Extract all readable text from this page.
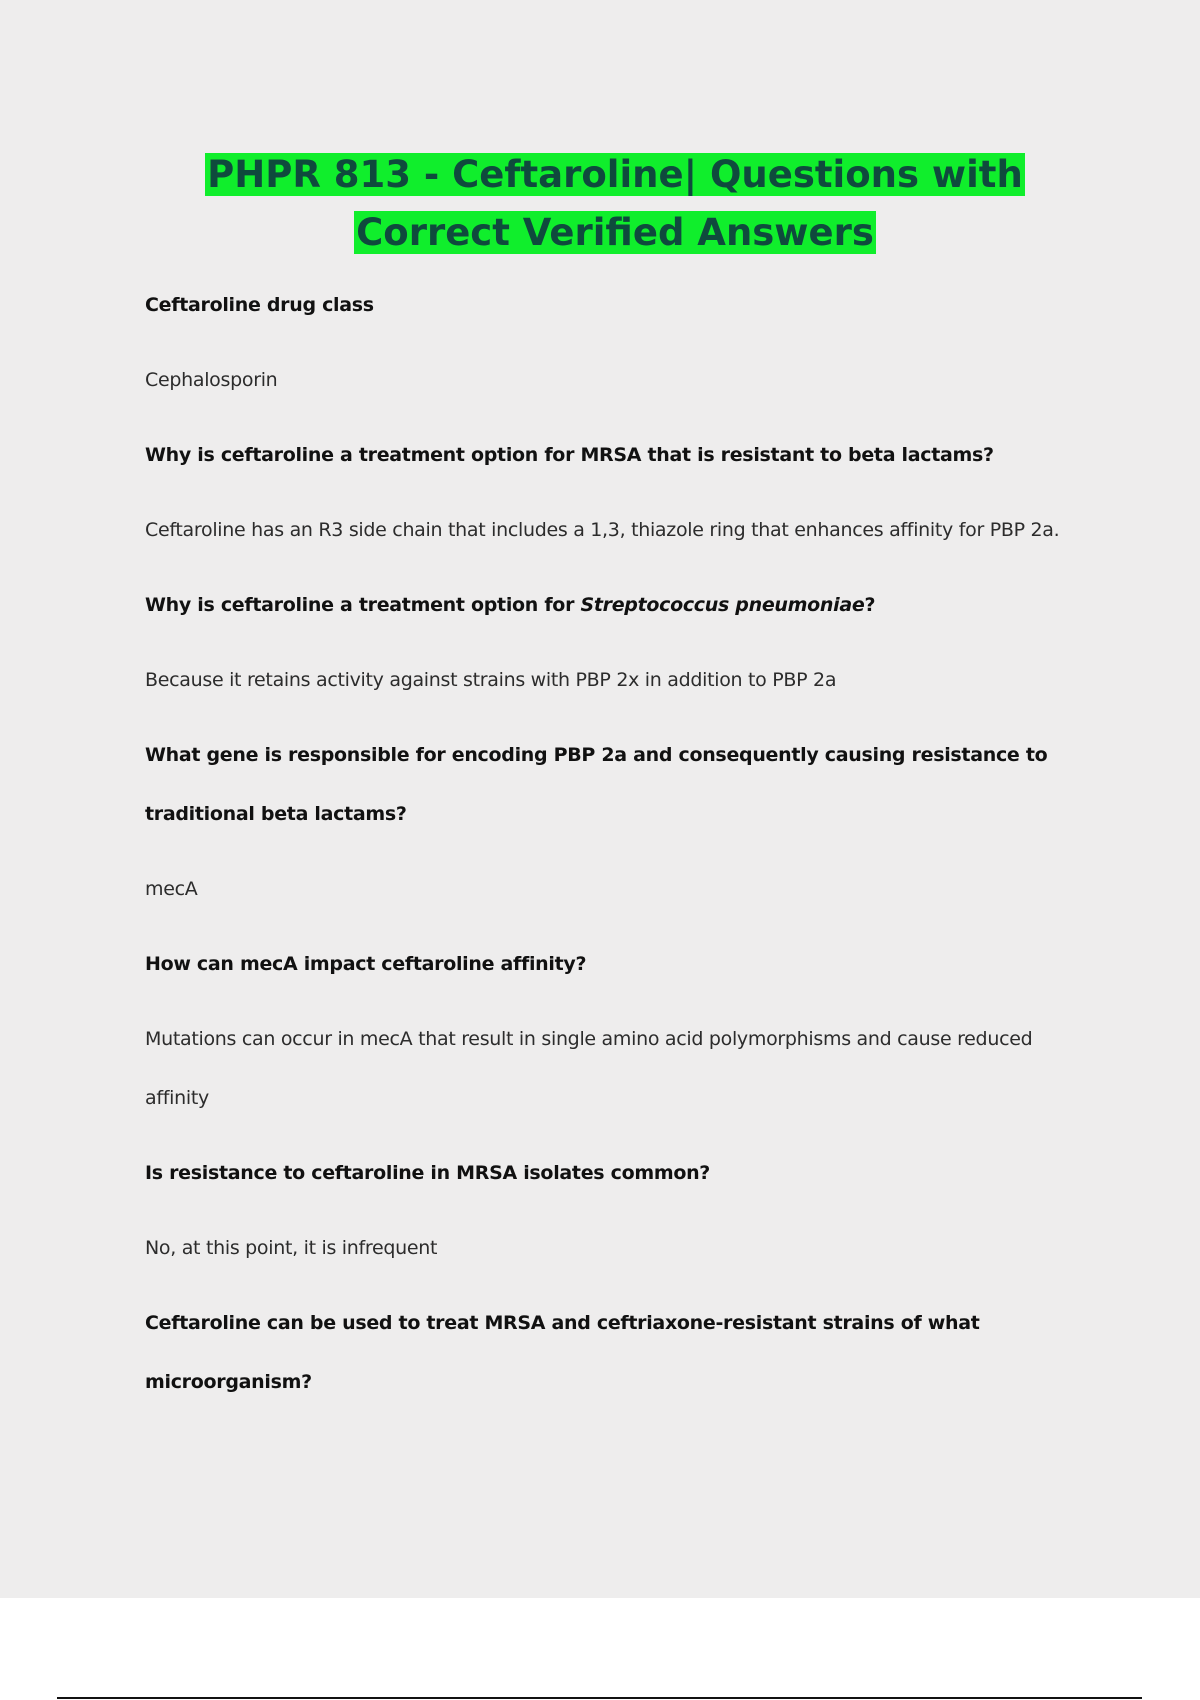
PHPR 813 - Ceftaroline| Questions with Correct Verified Answers

Ceftaroline drug class

Cephalosporin

Why is ceftaroline a treatment option for MRSA that is resistant to beta lactams?

Ceftaroline has an R3 side chain that includes a 1,3, thiazole ring that enhances affinity for PBP 2a.

Why is ceftaroline a treatment option for Streptococcus pneumoniae?

Because it retains activity against strains with PBP 2x in addition to PBP 2a

What gene is responsible for encoding PBP 2a and consequently causing resistance to traditional beta lactams?

mecA

How can mecA impact ceftaroline affinity?

Mutations can occur in mecA that result in single amino acid polymorphisms and cause reduced affinity

Is resistance to ceftaroline in MRSA isolates common?

No, at this point, it is infrequent

Ceftaroline can be used to treat MRSA and ceftriaxone-resistant strains of what microorganism?
